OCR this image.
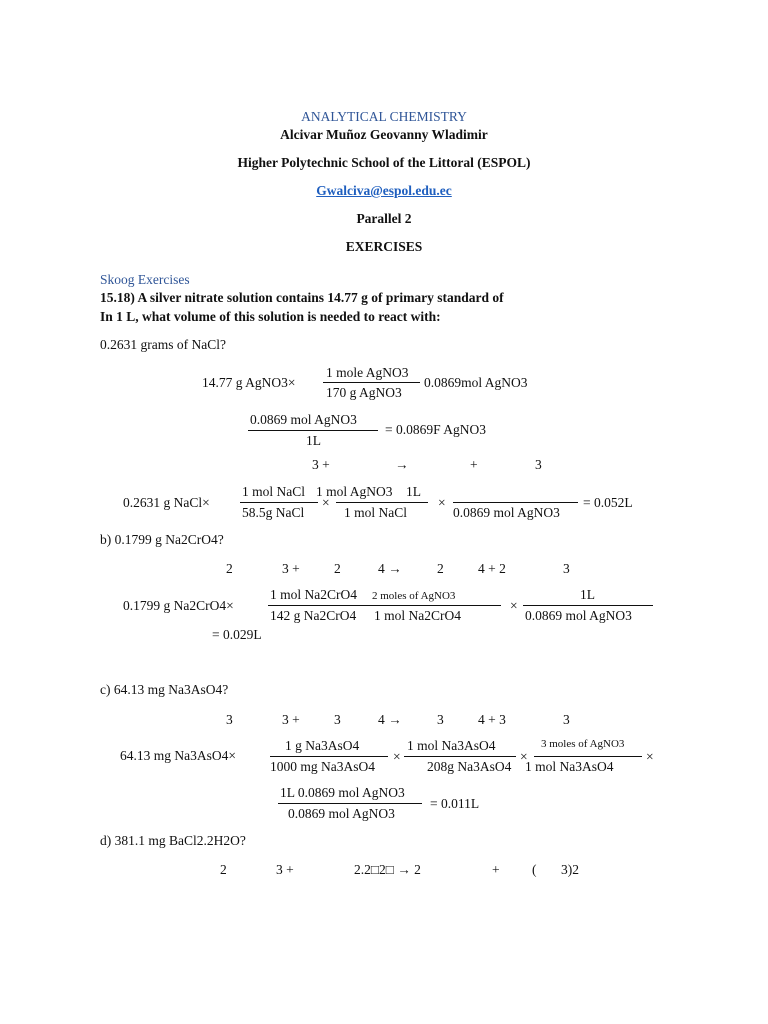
ANALYTICAL CHEMISTRY
Alcivar Muñoz Geovanny Wladimir
Higher Polytechnic School of the Littoral (ESPOL)
Gwalciva@espol.edu.ec
Parallel 2
EXERCISES
Skoog Exercises
15.18) A silver nitrate solution contains 14.77 g of primary standard of
In 1 L, what volume of this solution is needed to react with:
0.2631 grams of NaCl?
14.77 g AgNO3×
1 mole AgNO3
170 g AgNO3
0.0869mol AgNO3
0.0869 mol AgNO3
1L
= 0.0869F AgNO3
3 +	→	+	3
0.2631 g NaCl×
1 mol NaCl
58.5g NaCl
×
1 mol AgNO3
1 mol NaCl
1L
×
0.0869 mol AgNO3
= 0.052L
b) 0.1799 g Na2CrO4?
2	3 +	2	4 →	2	4 + 2	3
0.1799 g Na2CrO4×
1 mol Na2CrO4
142 g Na2CrO4
2 moles of AgNO3
1 mol Na2CrO4
×
1L
0.0869 mol AgNO3
= 0.029L
c) 64.13 mg Na3AsO4?
3	3 +	3	4 →	3	4 + 3	3
64.13 mg Na3AsO4×
1 g Na3AsO4
1000 mg Na3AsO4
×
1 mol Na3AsO4
208g Na3AsO4
×
3 moles of AgNO3
1 mol Na3AsO4
×
1L 0.0869 mol AgNO3
0.0869 mol AgNO3
= 0.011L
d) 381.1 mg BaCl2.2H2O?
2	3 +	2.2□2□ → 2	+ ( 3)2
